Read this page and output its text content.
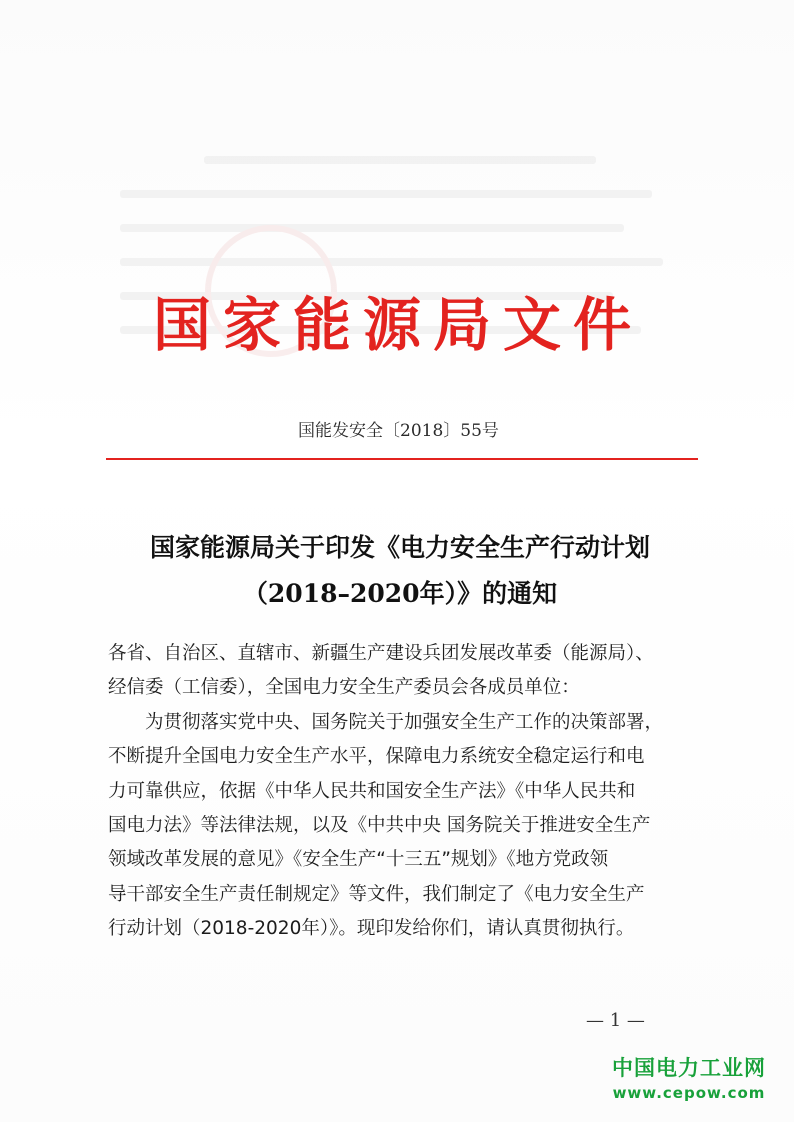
国家能源局文件
国能发安全〔2018〕55号
国家能源局关于印发《电力安全生产行动计划
（2018–2020年）》的通知
各省、自治区、直辖市、新疆生产建设兵团发展改革委（能源局）、
经信委（工信委），全国电力安全生产委员会各成员单位：
为贯彻落实党中央、国务院关于加强安全生产工作的决策部署，
不断提升全国电力安全生产水平，保障电力系统安全稳定运行和电
力可靠供应，依据《中华人民共和国安全生产法》《中华人民共和
国电力法》等法律法规，以及《中共中央 国务院关于推进安全生产
领域改革发展的意见》《安全生产“十三五”规划》《地方党政领
导干部安全生产责任制规定》等文件，我们制定了《电力安全生产
行动计划（2018-2020年）》。现印发给你们，请认真贯彻执行。
— 1 —
中国电力工业网
www.cepow.com
